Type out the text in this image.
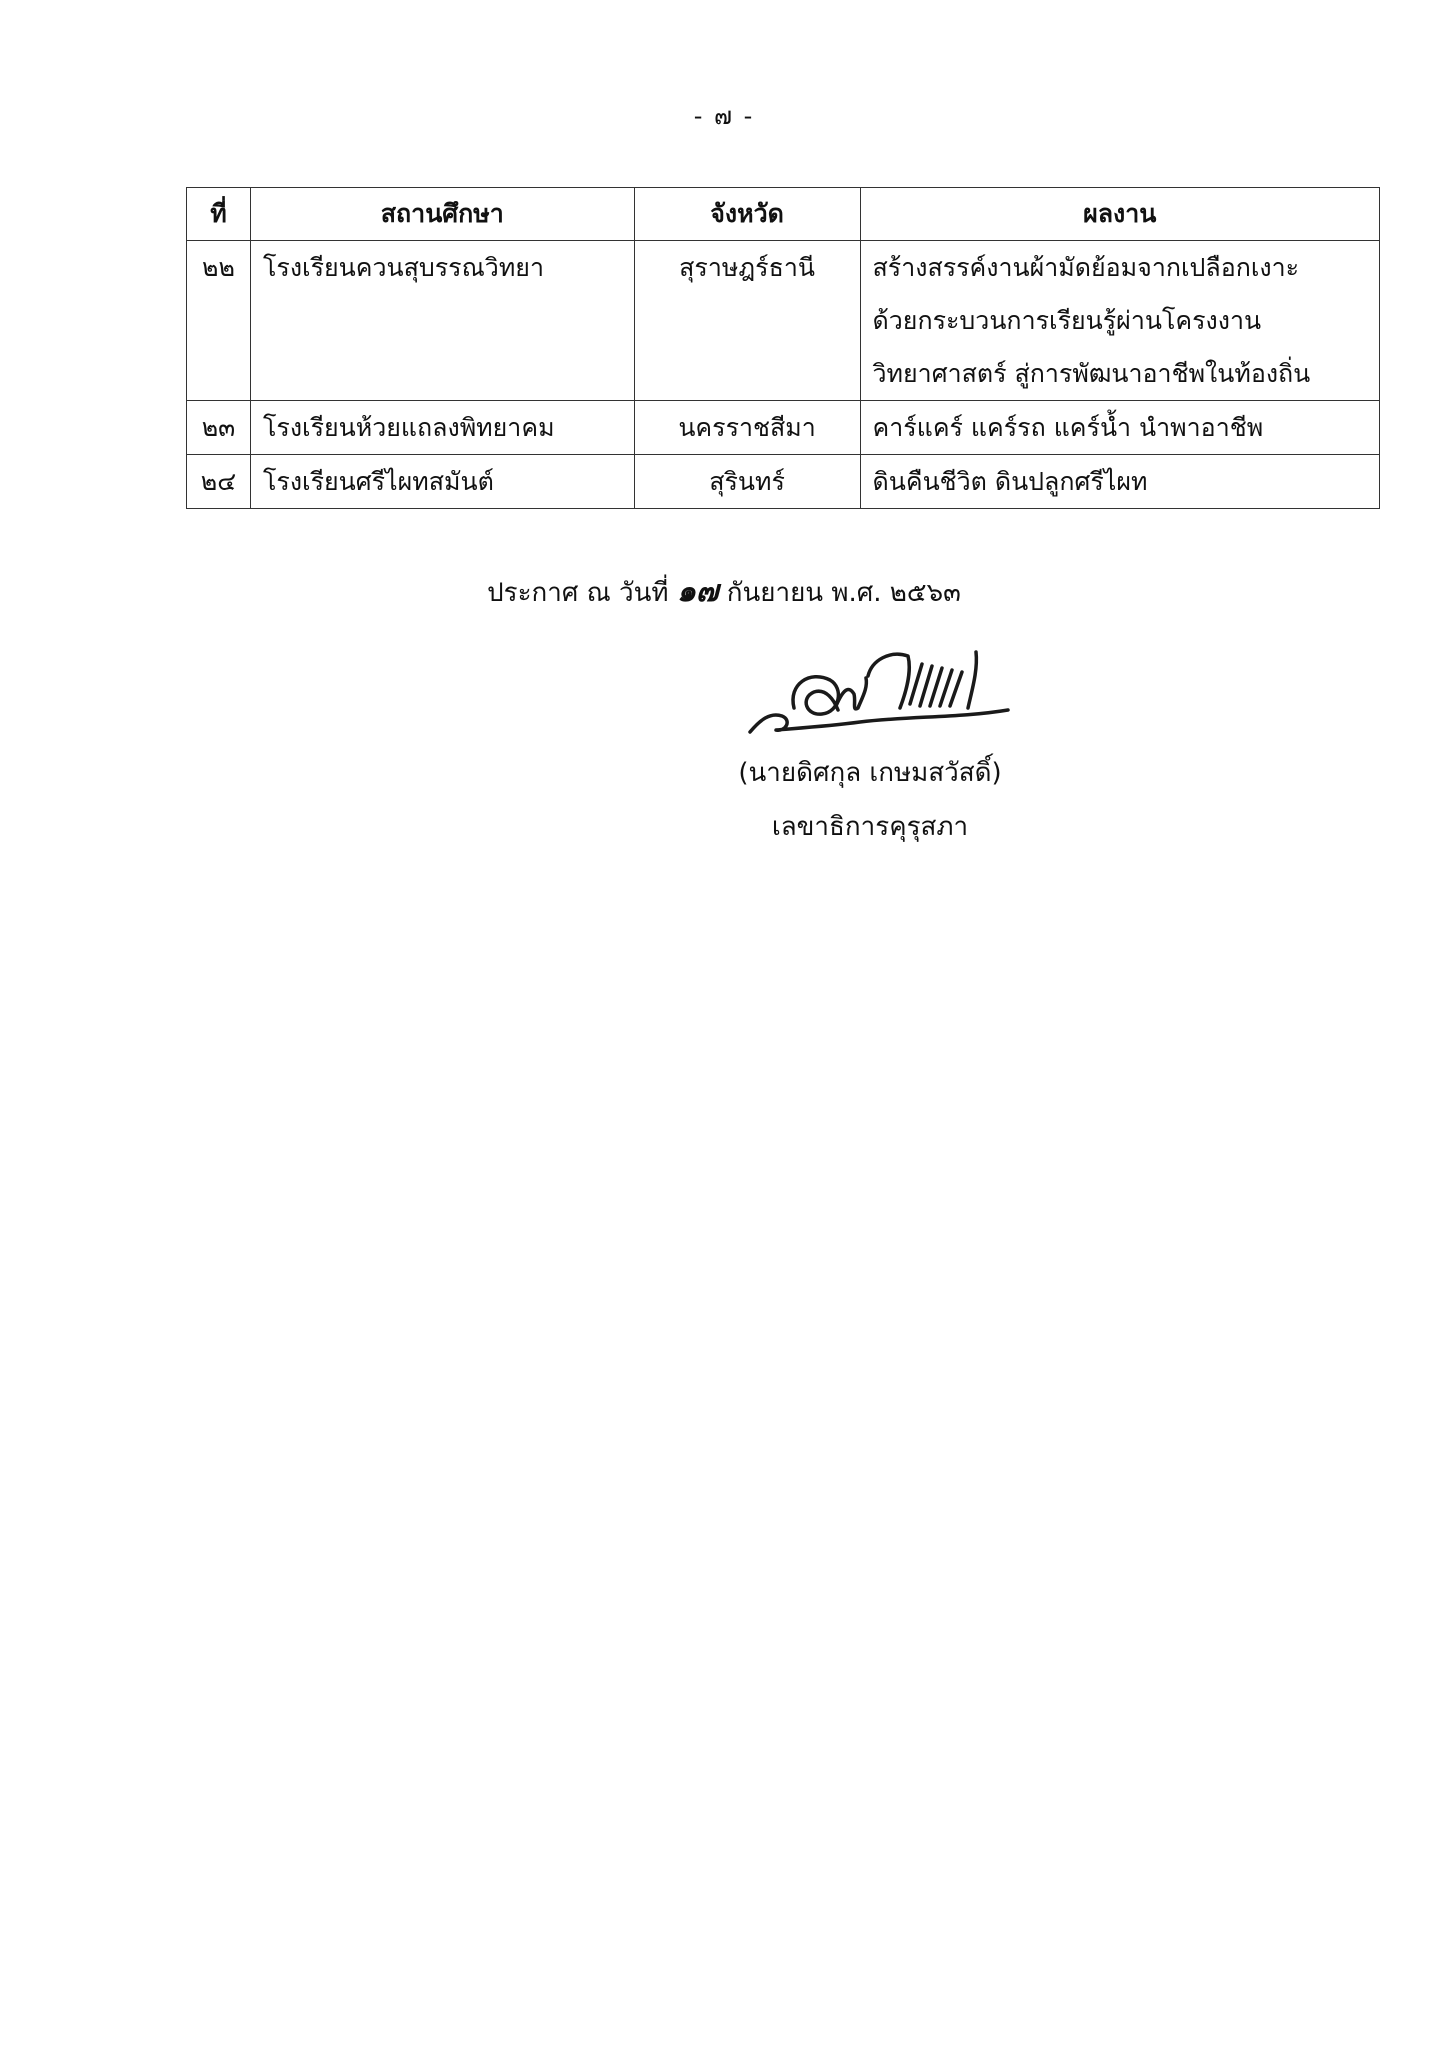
- ๗ -
ที่	สถานศึกษา	จังหวัด	ผลงาน
๒๒	โรงเรียนควนสุบรรณวิทยา	สุราษฎร์ธานี	สร้างสรรค์งานผ้ามัดย้อมจากเปลือกเงาะ
ด้วยกระบวนการเรียนรู้ผ่านโครงงาน
วิทยาศาสตร์ สู่การพัฒนาอาชีพในท้องถิ่น

๒๓	โรงเรียนห้วยแถลงพิทยาคม	นครราชสีมา	คาร์แคร์ แคร์รถ แคร์น้ำ นำพาอาชีพ

๒๔	โรงเรียนศรีไผทสมันต์	สุรินทร์	ดินคืนชีวิต ดินปลูกศรีไผท
ประกาศ ณ วันที่ ๑๗ กันยายน พ.ศ. ๒๕๖๓
(นายดิศกุล เกษมสวัสดิ์)
เลขาธิการคุรุสภา
